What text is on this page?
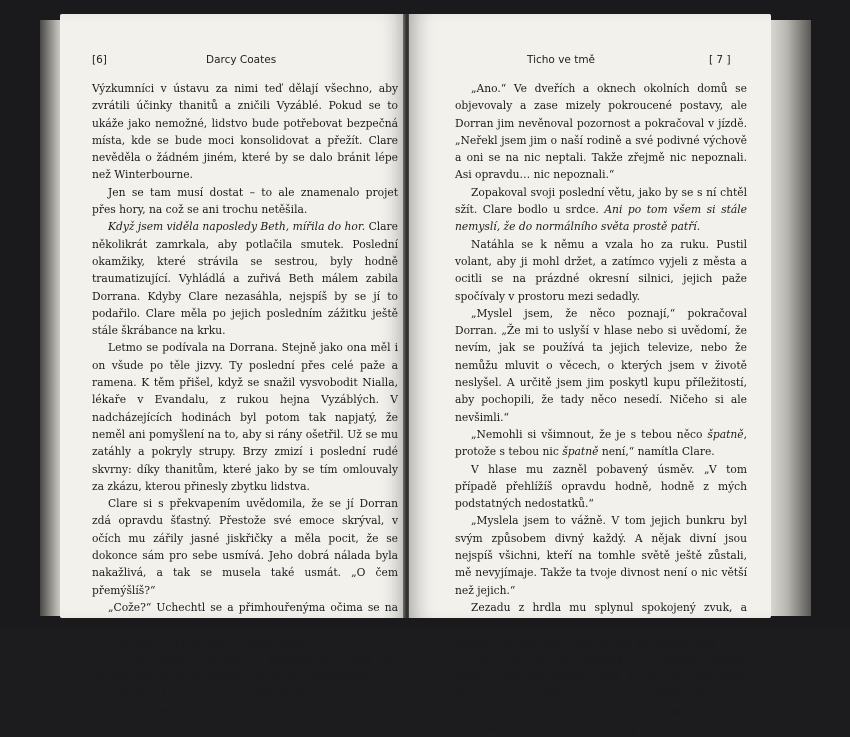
[6]	Darcy Coates

Výzkumníci v ústavu za nimi teď dělají všechno, aby zvrátili účinky thanitů a zničili Vyzáblé. Pokud se to ukáže jako nemožné, lidstvo bude potřebovat bezpečná místa, kde se bude moci konsolidovat a přežít. Clare nevěděla o žádném jiném, které by se dalo bránit lépe než Winterbourne.

Jen se tam musí dostat – to ale znamenalo projet přes hory, na což se ani trochu netěšila.

Když jsem viděla naposledy Beth, mířila do hor. Clare několikrát zamrkala, aby potlačila smutek. Poslední okamžiky, které strávila se sestrou, byly hodně traumatizující. Vyhládlá a zuřivá Beth málem zabila Dorrana. Kdyby Clare nezasáhla, nejspíš by se jí to podařilo. Clare měla po jejich posledním zážitku ještě stále škrábance na krku.

Letmo se podívala na Dorrana. Stejně jako ona měl i on všude po těle jizvy. Ty poslední přes celé paže a ramena. K těm přišel, když se snažil vysvobodit Nialla, lékaře v Evandalu, z rukou hejna Vyzáblých. V nadcházejících hodinách byl potom tak napjatý, že neměl ani pomyšlení na to, aby si rány ošetřil. Už se mu zatáhly a pokryly strupy. Brzy zmizí i poslední rudé skvrny: díky thanitům, které jako by se tím omlouvaly za zkázu, kterou přinesly zbytku lidstva.

Clare si s překvapením uvědomila, že se jí Dorran zdá opravdu šťastný. Přestože své emoce skrýval, v očích mu zářily jasné jiskřičky a měla pocit, že se dokonce sám pro sebe usmívá. Jeho dobrá nálada byla nakažlivá, a tak se musela také usmát. „O čem přemýšlíš?“

„Cože?“ Uchechtl se a přimhouřenýma očima se na ni podíval. „To před tebou opravdu nic neutajím?“

„Tak jako já před tebou,“ odpověděla.

Dorran otočil volantem a pokračoval z lesa dál ulicemi městečka Evandale. „O ničem podstatném. Jen mě napadlo, že jsem se již nezdál divný.“

„Myslíš týmu v Evandalu?“

Ticho ve tmě	[ 7 ]

„Ano.“ Ve dveřích a oknech okolních domů se objevovaly a zase mizely pokroucené postavy, ale Dorran jim nevěnoval pozornost a pokračoval v jízdě. „Neřekl jsem jim o naší rodině a své podivné výchově a oni se na nic neptali. Takže zřejmě nic nepoznali. Asi opravdu… nic nepoznali.“

Zopakoval svoji poslední větu, jako by se s ní chtěl sžít. Clare bodlo u srdce. Ani po tom všem si stále nemyslí, že do normálního světa prostě patří.

Natáhla se k němu a vzala ho za ruku. Pustil volant, aby ji mohl držet, a zatímco vyjeli z města a ocitli se na prázdné okresní silnici, jejich paže spočívaly v prostoru mezi sedadly.

„Myslel jsem, že něco poznají,“ pokračoval Dorran. „Že mi to uslyší v hlase nebo si uvědomí, že nevím, jak se používá ta jejich televize, nebo že nemůžu mluvit o věcech, o kterých jsem v životě neslyšel. A určitě jsem jim poskytl kupu příležitostí, aby pochopili, že tady něco nesedí. Ničeho si ale nevšimli.“

„Nemohli si všimnout, že je s tebou něco špatně, protože s tebou nic špatně není,“ namítla Clare.

V hlase mu zazněl pobavený úsměv. „V tom případě přehlížíš opravdu hodně, hodně z mých podstatných nedostatků.“

„Myslela jsem to vážně. V tom jejich bunkru byl svým způsobem divný každý. A nějak divní jsou nejspíš všichni, kteří na tomhle světě ještě zůstali, mě nevyjímaje. Takže ta tvoje divnost není o nic větší než jejich.“

Zezadu z hrdla mu splynul spokojený zvuk, a přestože už nic neříkal, přejížděl jí drobnými, milými pohyby bříškem palce sem a tam po hřbetě ruky.

Clare na něj dál netlačila. Byl šťastný. Většinu týdne v bunkru strávil, aniž by si jeho obyvatelé všimli, že nepochází ze stejného prostředí jako oni. A i když to Clare nepřišlo nikterak překvapivé – anebo jí pramálo záleželo na tom, kdyby na
